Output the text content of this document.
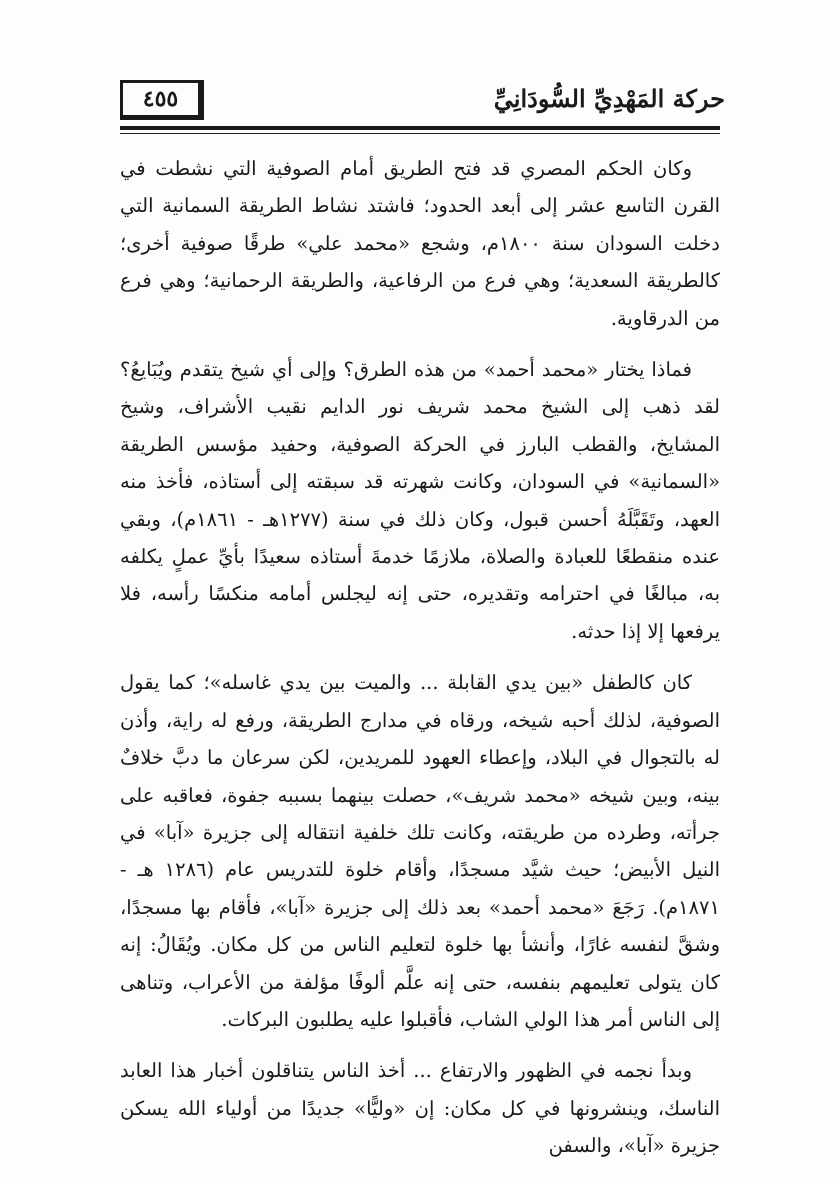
٤٥٥	حركة المَهْدِيِّ السُّودَانِيِّ

وكان الحكم المصري قد فتح الطريق أمام الصوفية التي نشطت في القرن التاسع عشر إلى أبعد الحدود؛ فاشتد نشاط الطريقة السمانية التي دخلت السودان سنة ١٨٠٠م، وشجع «محمد علي» طرقًا صوفية أخرى؛ كالطريقة السعدية؛ وهي فرع من الرفاعية، والطريقة الرحمانية؛ وهي فرع من الدرقاوية.

فماذا يختار «محمد أحمد» من هذه الطرق؟ وإلى أي شيخ يتقدم ويُبَايعُ؟ لقد ذهب إلى الشيخ محمد شريف نور الدايم نقيب الأشراف، وشيخ المشايخ، والقطب البارز في الحركة الصوفية، وحفيد مؤسس الطريقة «السمانية» في السودان، وكانت شهرته قد سبقته إلى أستاذه، فأخذ منه العهد، وتَقَبَّلَهُ أحسن قبول، وكان ذلك في سنة (١٢٧٧هـ - ١٨٦١م)، وبقي عنده منقطعًا للعبادة والصلاة، ملازمًا خدمةَ أستاذه سعيدًا بأيِّ عملٍ يكلفه به، مبالغًا في احترامه وتقديره، حتى إنه ليجلس أمامه منكسًا رأسه، فلا يرفعها إلا إذا حدثه.

كان كالطفل «بين يدي القابلة ... والميت بين يدي غاسله»؛ كما يقول الصوفية، لذلك أحبه شيخه، ورقاه في مدارج الطريقة، ورفع له راية، وأذن له بالتجوال في البلاد، وإعطاء العهود للمريدين، لكن سرعان ما دبَّ خلافٌ بينه، وبين شيخه «محمد شريف»، حصلت بينهما بسببه جفوة، فعاقبه على جرأته، وطرده من طريقته، وكانت تلك خلفية انتقاله إلى جزيرة «آبا» في النيل الأبيض؛ حيث شيَّد مسجدًا، وأقام خلوة للتدريس عام (١٢٨٦ هـ - ١٨٧١م). رَجَعَ «محمد أحمد» بعد ذلك إلى جزيرة «آبا»، فأقام بها مسجدًا، وشقَّ لنفسه غارًا، وأنشأ بها خلوة لتعليم الناس من كل مكان. ويُقَالُ: إنه كان يتولى تعليمهم بنفسه، حتى إنه علَّم ألوفًا مؤلفة من الأعراب، وتناهى إلى الناس أمر هذا الولي الشاب، فأقبلوا عليه يطلبون البركات.

وبدأ نجمه في الظهور والارتفاع ... أخذ الناس يتناقلون أخبار هذا العابد الناسك، وينشرونها في كل مكان: إن «وليًّا» جديدًا من أولياء الله يسكن جزيرة «آبا»، والسفن
